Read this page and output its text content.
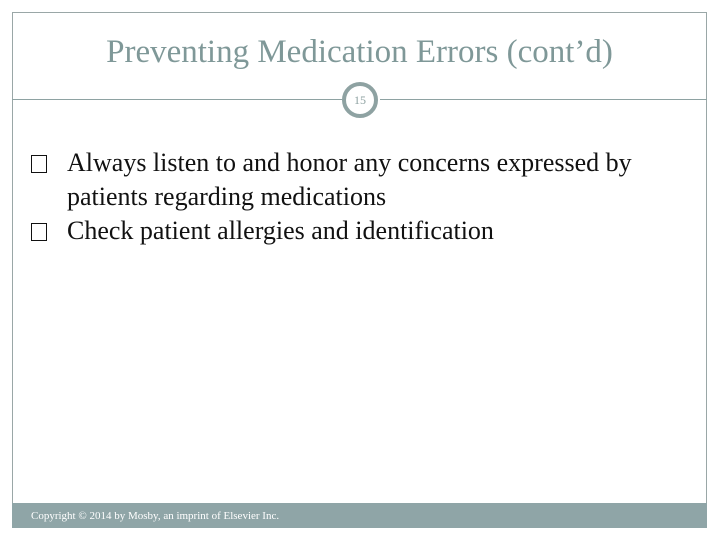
Preventing Medication Errors (cont’d)
15

Always listen to and honor any concerns expressed by patients regarding medications

Check patient allergies and identification

Copyright © 2014 by Mosby, an imprint of Elsevier Inc.
